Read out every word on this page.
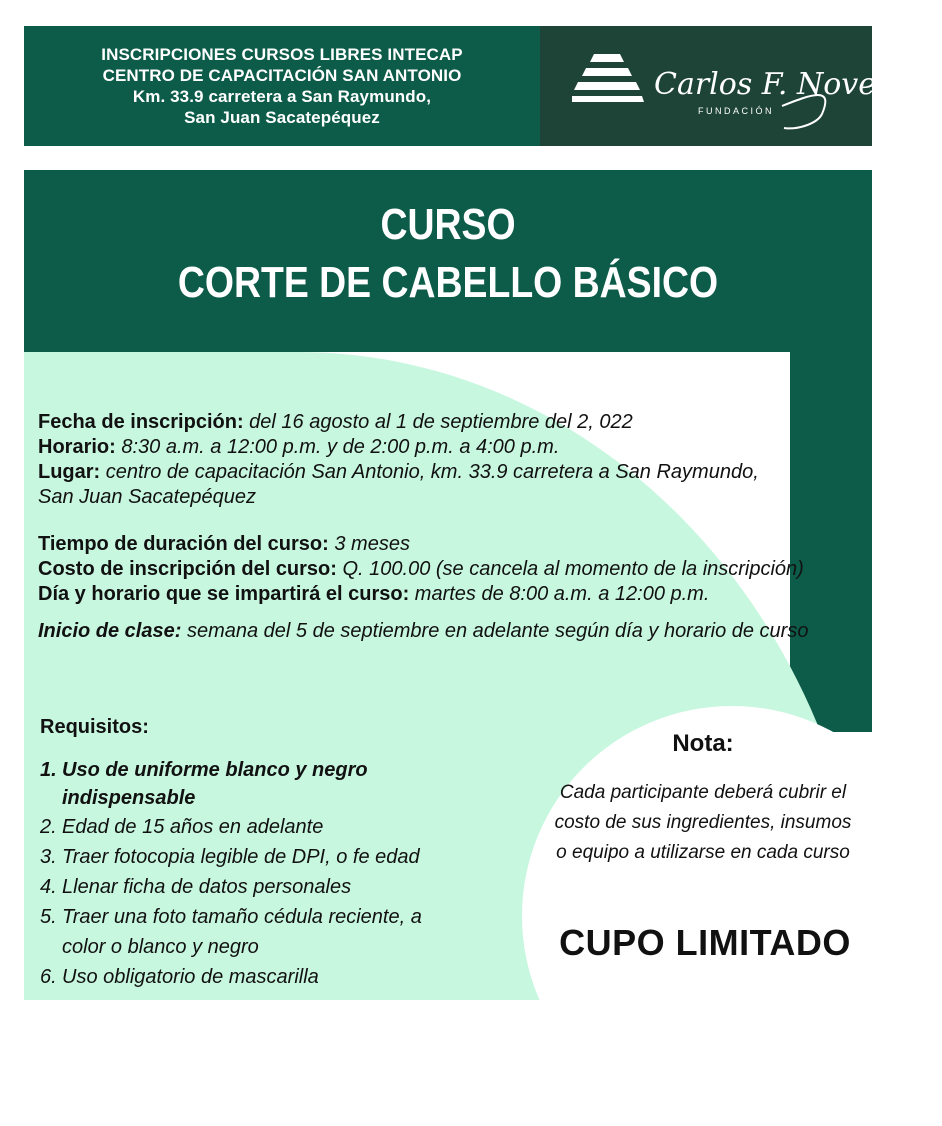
INSCRIPCIONES CURSOS LIBRES INTECAP
CENTRO DE CAPACITACIÓN SAN ANTONIO
Km. 33.9 carretera a San Raymundo,
San Juan Sacatepéquez
Carlos F. Novella
FUNDACIÓN
CURSO
CORTE DE CABELLO BÁSICO
Fecha de inscripción: del 16 agosto al 1 de septiembre del 2, 022
Horario: 8:30 a.m. a 12:00 p.m. y de 2:00 p.m. a 4:00 p.m.
Lugar: centro de capacitación San Antonio, km. 33.9 carretera a San Raymundo,
San Juan Sacatepéquez
Tiempo de duración del curso: 3 meses
Costo de inscripción del curso: Q. 100.00 (se cancela al momento de la inscripción)
Día y horario que se impartirá el curso: martes de 8:00 a.m. a 12:00 p.m.
Inicio de clase: semana del 5 de septiembre en adelante según día y horario de curso
Requisitos:
1. Uso de uniforme blanco y negro
indispensable
2. Edad de 15 años en adelante
3. Traer fotocopia legible de DPI, o fe edad
4. Llenar ficha de datos personales
5. Traer una foto tamaño cédula reciente, a
color o blanco y negro
6. Uso obligatorio de mascarilla
Nota:
Cada participante deberá cubrir el
costo de sus ingredientes, insumos
o equipo a utilizarse en cada curso
CUPO LIMITADO
